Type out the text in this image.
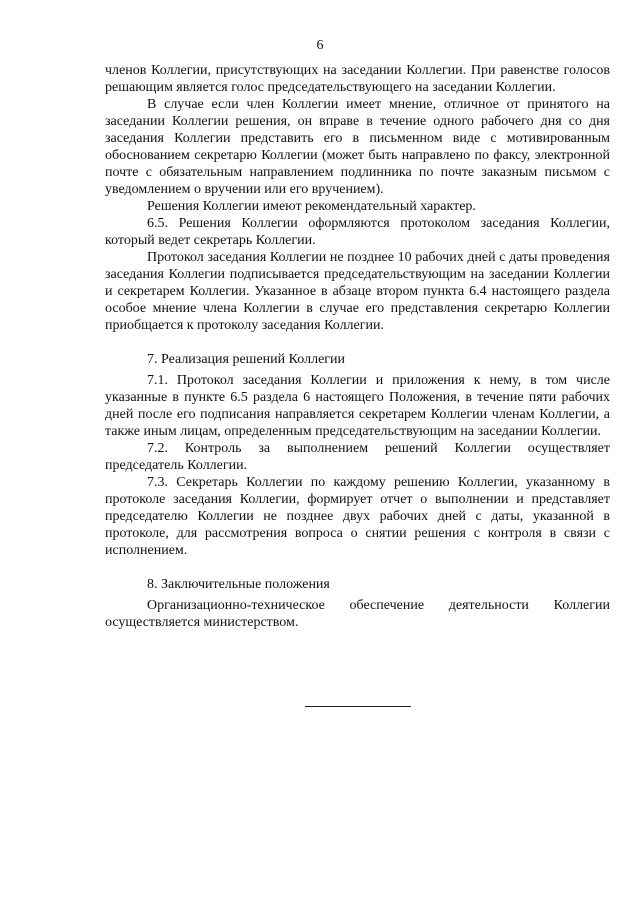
6

членов Коллегии, присутствующих на заседании Коллегии. При равенстве голосов решающим является голос председательствующего на заседании Коллегии.

В случае если член Коллегии имеет мнение, отличное от принятого на заседании Коллегии решения, он вправе в течение одного рабочего дня со дня заседания Коллегии представить его в письменном виде с мотивированным обоснованием секретарю Коллегии (может быть направлено по факсу, электронной почте с обязательным направлением подлинника по почте заказным письмом с уведомлением о вручении или его вручением).

Решения Коллегии имеют рекомендательный характер.

6.5. Решения Коллегии оформляются протоколом заседания Коллегии, который ведет секретарь Коллегии.

Протокол заседания Коллегии не позднее 10 рабочих дней с даты проведения заседания Коллегии подписывается председательствующим на заседании Коллегии и секретарем Коллегии. Указанное в абзаце втором пункта 6.4 настоящего раздела особое мнение члена Коллегии в случае его представления секретарю Коллегии приобщается к протоколу заседания Коллегии.

7. Реализация решений Коллегии

7.1. Протокол заседания Коллегии и приложения к нему, в том числе указанные в пункте 6.5 раздела 6 настоящего Положения, в течение пяти рабочих дней после его подписания направляется секретарем Коллегии членам Коллегии, а также иным лицам, определенным председательствующим на заседании Коллегии.

7.2. Контроль за выполнением решений Коллегии осуществляет председатель Коллегии.

7.3. Секретарь Коллегии по каждому решению Коллегии, указанному в протоколе заседания Коллегии, формирует отчет о выполнении и представляет председателю Коллегии не позднее двух рабочих дней с даты, указанной в протоколе, для рассмотрения вопроса о снятии решения с контроля в связи с исполнением.

8. Заключительные положения

Организационно-техническое обеспечение деятельности Коллегии осуществляется министерством.
